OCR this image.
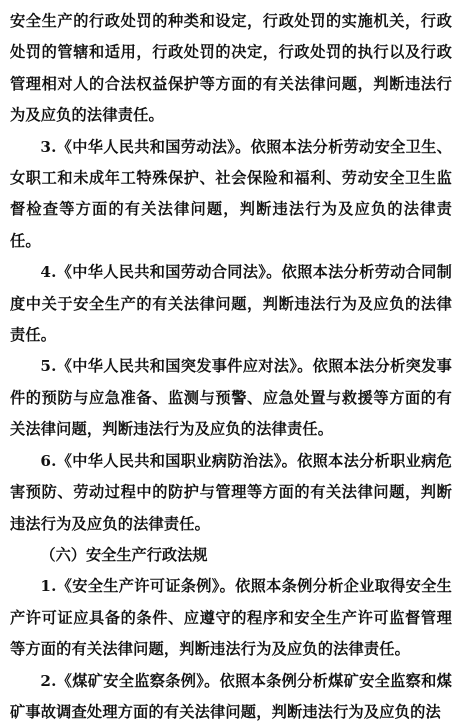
安全生产的行政处罚的种类和设定，行政处罚的实施机关，行政处罚的管辖和适用，行政处罚的决定，行政处罚的执行以及行政管理相对人的合法权益保护等方面的有关法律问题，判断违法行为及应负的法律责任。

3.《中华人民共和国劳动法》。依照本法分析劳动安全卫生、女职工和未成年工特殊保护、社会保险和福利、劳动安全卫生监督检查等方面的有关法律问题，判断违法行为及应负的法律责任。

4.《中华人民共和国劳动合同法》。依照本法分析劳动合同制度中关于安全生产的有关法律问题，判断违法行为及应负的法律责任。

5.《中华人民共和国突发事件应对法》。依照本法分析突发事件的预防与应急准备、监测与预警、应急处置与救援等方面的有关法律问题，判断违法行为及应负的法律责任。

6.《中华人民共和国职业病防治法》。依照本法分析职业病危害预防、劳动过程中的防护与管理等方面的有关法律问题，判断违法行为及应负的法律责任。

（六）安全生产行政法规

1.《安全生产许可证条例》。依照本条例分析企业取得安全生产许可证应具备的条件、应遵守的程序和安全生产许可监督管理等方面的有关法律问题，判断违法行为及应负的法律责任。

2.《煤矿安全监察条例》。依照本条例分析煤矿安全监察和煤矿事故调查处理方面的有关法律问题，判断违法行为及应负的法
